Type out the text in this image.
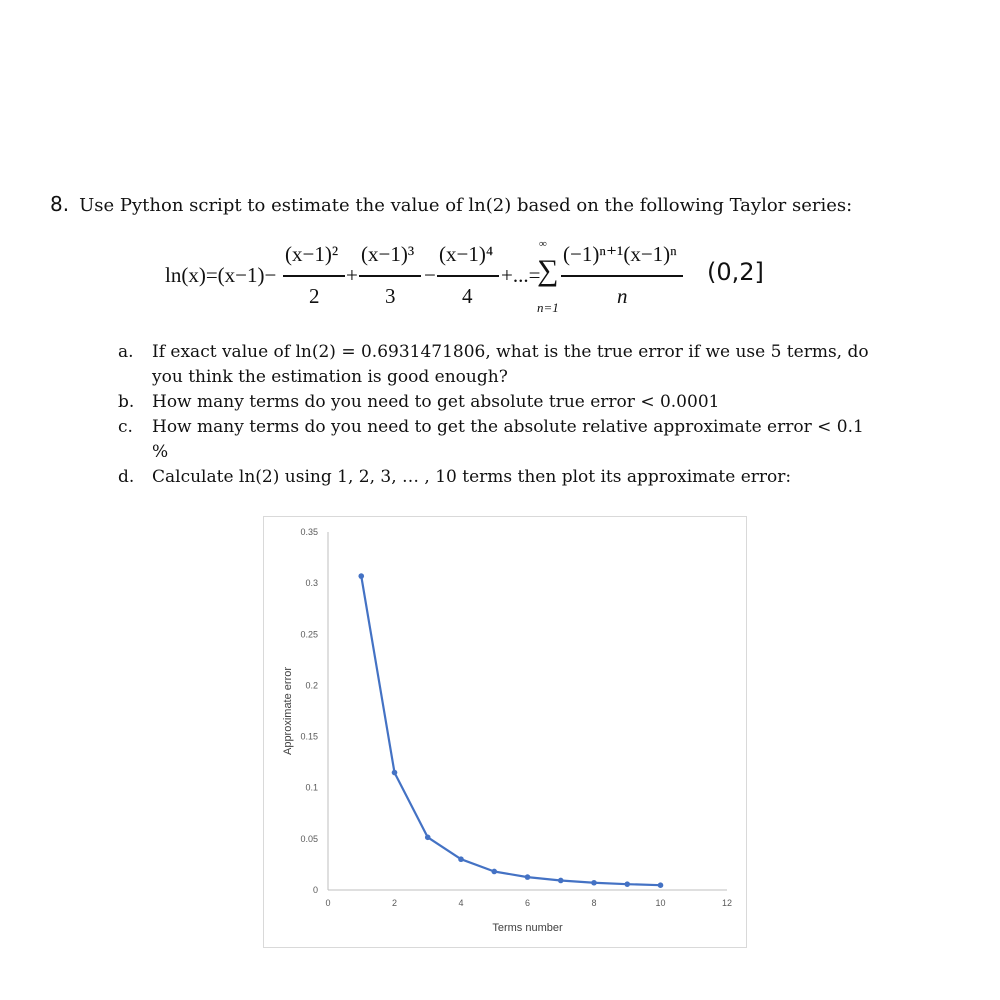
8. Use Python script to estimate the value of ln(2) based on the following Taylor series:
ln(x)=(x−1)−
(x−1)²
2
+
(x−1)³
3
−
(x−1)⁴
4
+...=
∞
∑
n=1
(−1)ⁿ⁺¹(x−1)ⁿ
n
(0,2]
a. If exact value of ln(2) = 0.6931471806, what is the true error if we use 5 terms, do you think the estimation is good enough?
b. How many terms do you need to get absolute true error < 0.0001
c. How many terms do you need to get the absolute relative approximate error < 0.1 %
d. Calculate ln(2) using 1, 2, 3, … , 10 terms then plot its approximate error:
0
0.05
0.1
0.15
0.2
0.25
0.3
0.35
0	2	4	6	8	10	12
Terms number
Approximate error
